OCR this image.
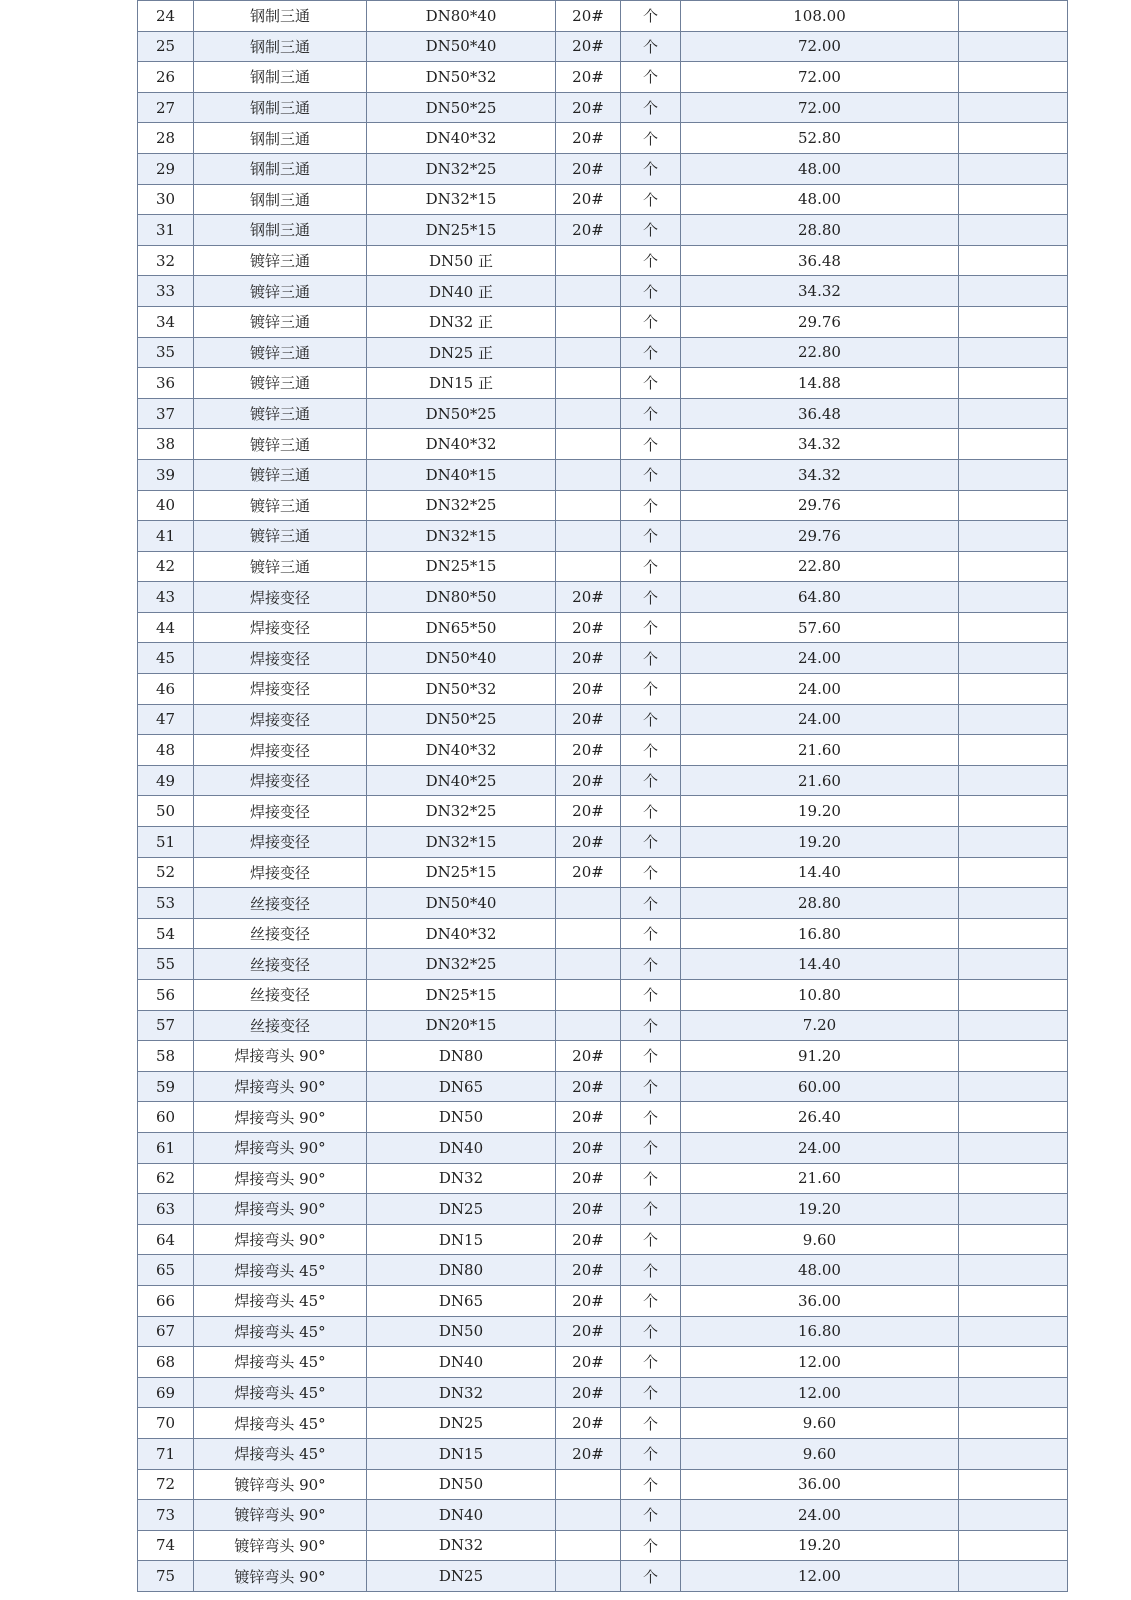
24	钢制三通	DN80*40	20#	个	108.00	
25	钢制三通	DN50*40	20#	个	72.00	
26	钢制三通	DN50*32	20#	个	72.00	
27	钢制三通	DN50*25	20#	个	72.00	
28	钢制三通	DN40*32	20#	个	52.80	
29	钢制三通	DN32*25	20#	个	48.00	
30	钢制三通	DN32*15	20#	个	48.00	
31	钢制三通	DN25*15	20#	个	28.80	
32	镀锌三通	DN50 正		个	36.48	
33	镀锌三通	DN40 正		个	34.32	
34	镀锌三通	DN32 正		个	29.76	
35	镀锌三通	DN25 正		个	22.80	
36	镀锌三通	DN15 正		个	14.88	
37	镀锌三通	DN50*25		个	36.48	
38	镀锌三通	DN40*32		个	34.32	
39	镀锌三通	DN40*15		个	34.32	
40	镀锌三通	DN32*25		个	29.76	
41	镀锌三通	DN32*15		个	29.76	
42	镀锌三通	DN25*15		个	22.80	
43	焊接变径	DN80*50	20#	个	64.80	
44	焊接变径	DN65*50	20#	个	57.60	
45	焊接变径	DN50*40	20#	个	24.00	
46	焊接变径	DN50*32	20#	个	24.00	
47	焊接变径	DN50*25	20#	个	24.00	
48	焊接变径	DN40*32	20#	个	21.60	
49	焊接变径	DN40*25	20#	个	21.60	
50	焊接变径	DN32*25	20#	个	19.20	
51	焊接变径	DN32*15	20#	个	19.20	
52	焊接变径	DN25*15	20#	个	14.40	
53	丝接变径	DN50*40		个	28.80	
54	丝接变径	DN40*32		个	16.80	
55	丝接变径	DN32*25		个	14.40	
56	丝接变径	DN25*15		个	10.80	
57	丝接变径	DN20*15		个	7.20	
58	焊接弯头 90°	DN80	20#	个	91.20	
59	焊接弯头 90°	DN65	20#	个	60.00	
60	焊接弯头 90°	DN50	20#	个	26.40	
61	焊接弯头 90°	DN40	20#	个	24.00	
62	焊接弯头 90°	DN32	20#	个	21.60	
63	焊接弯头 90°	DN25	20#	个	19.20	
64	焊接弯头 90°	DN15	20#	个	9.60	
65	焊接弯头 45°	DN80	20#	个	48.00	
66	焊接弯头 45°	DN65	20#	个	36.00	
67	焊接弯头 45°	DN50	20#	个	16.80	
68	焊接弯头 45°	DN40	20#	个	12.00	
69	焊接弯头 45°	DN32	20#	个	12.00	
70	焊接弯头 45°	DN25	20#	个	9.60	
71	焊接弯头 45°	DN15	20#	个	9.60	
72	镀锌弯头 90°	DN50		个	36.00	
73	镀锌弯头 90°	DN40		个	24.00	
74	镀锌弯头 90°	DN32		个	19.20	
75	镀锌弯头 90°	DN25		个	12.00	
